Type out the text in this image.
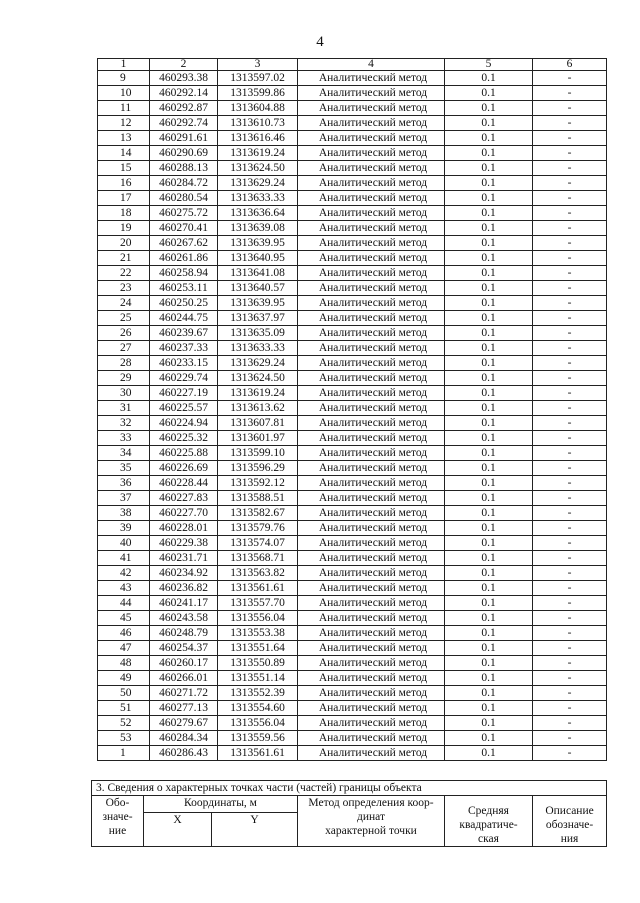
4
1	2	3	4	5	6
9	460293.38	1313597.02	Аналитический метод	0.1	-
10	460292.14	1313599.86	Аналитический метод	0.1	-
11	460292.87	1313604.88	Аналитический метод	0.1	-
12	460292.74	1313610.73	Аналитический метод	0.1	-
13	460291.61	1313616.46	Аналитический метод	0.1	-
14	460290.69	1313619.24	Аналитический метод	0.1	-
15	460288.13	1313624.50	Аналитический метод	0.1	-
16	460284.72	1313629.24	Аналитический метод	0.1	-
17	460280.54	1313633.33	Аналитический метод	0.1	-
18	460275.72	1313636.64	Аналитический метод	0.1	-
19	460270.41	1313639.08	Аналитический метод	0.1	-
20	460267.62	1313639.95	Аналитический метод	0.1	-
21	460261.86	1313640.95	Аналитический метод	0.1	-
22	460258.94	1313641.08	Аналитический метод	0.1	-
23	460253.11	1313640.57	Аналитический метод	0.1	-
24	460250.25	1313639.95	Аналитический метод	0.1	-
25	460244.75	1313637.97	Аналитический метод	0.1	-
26	460239.67	1313635.09	Аналитический метод	0.1	-
27	460237.33	1313633.33	Аналитический метод	0.1	-
28	460233.15	1313629.24	Аналитический метод	0.1	-
29	460229.74	1313624.50	Аналитический метод	0.1	-
30	460227.19	1313619.24	Аналитический метод	0.1	-
31	460225.57	1313613.62	Аналитический метод	0.1	-
32	460224.94	1313607.81	Аналитический метод	0.1	-
33	460225.32	1313601.97	Аналитический метод	0.1	-
34	460225.88	1313599.10	Аналитический метод	0.1	-
35	460226.69	1313596.29	Аналитический метод	0.1	-
36	460228.44	1313592.12	Аналитический метод	0.1	-
37	460227.83	1313588.51	Аналитический метод	0.1	-
38	460227.70	1313582.67	Аналитический метод	0.1	-
39	460228.01	1313579.76	Аналитический метод	0.1	-
40	460229.38	1313574.07	Аналитический метод	0.1	-
41	460231.71	1313568.71	Аналитический метод	0.1	-
42	460234.92	1313563.82	Аналитический метод	0.1	-
43	460236.82	1313561.61	Аналитический метод	0.1	-
44	460241.17	1313557.70	Аналитический метод	0.1	-
45	460243.58	1313556.04	Аналитический метод	0.1	-
46	460248.79	1313553.38	Аналитический метод	0.1	-
47	460254.37	1313551.64	Аналитический метод	0.1	-
48	460260.17	1313550.89	Аналитический метод	0.1	-
49	460266.01	1313551.14	Аналитический метод	0.1	-
50	460271.72	1313552.39	Аналитический метод	0.1	-
51	460277.13	1313554.60	Аналитический метод	0.1	-
52	460279.67	1313556.04	Аналитический метод	0.1	-
53	460284.34	1313559.56	Аналитический метод	0.1	-
1	460286.43	1313561.61	Аналитический метод	0.1	-
3. Сведения о характерных точках части (частей) границы объекта					
Обо-
значе-
ние	Координаты, м		Метод определения коор-
динат
характерной точки	Средняя
квадратиче-
ская	Описание
обозначе-
ния
	X	Y			
